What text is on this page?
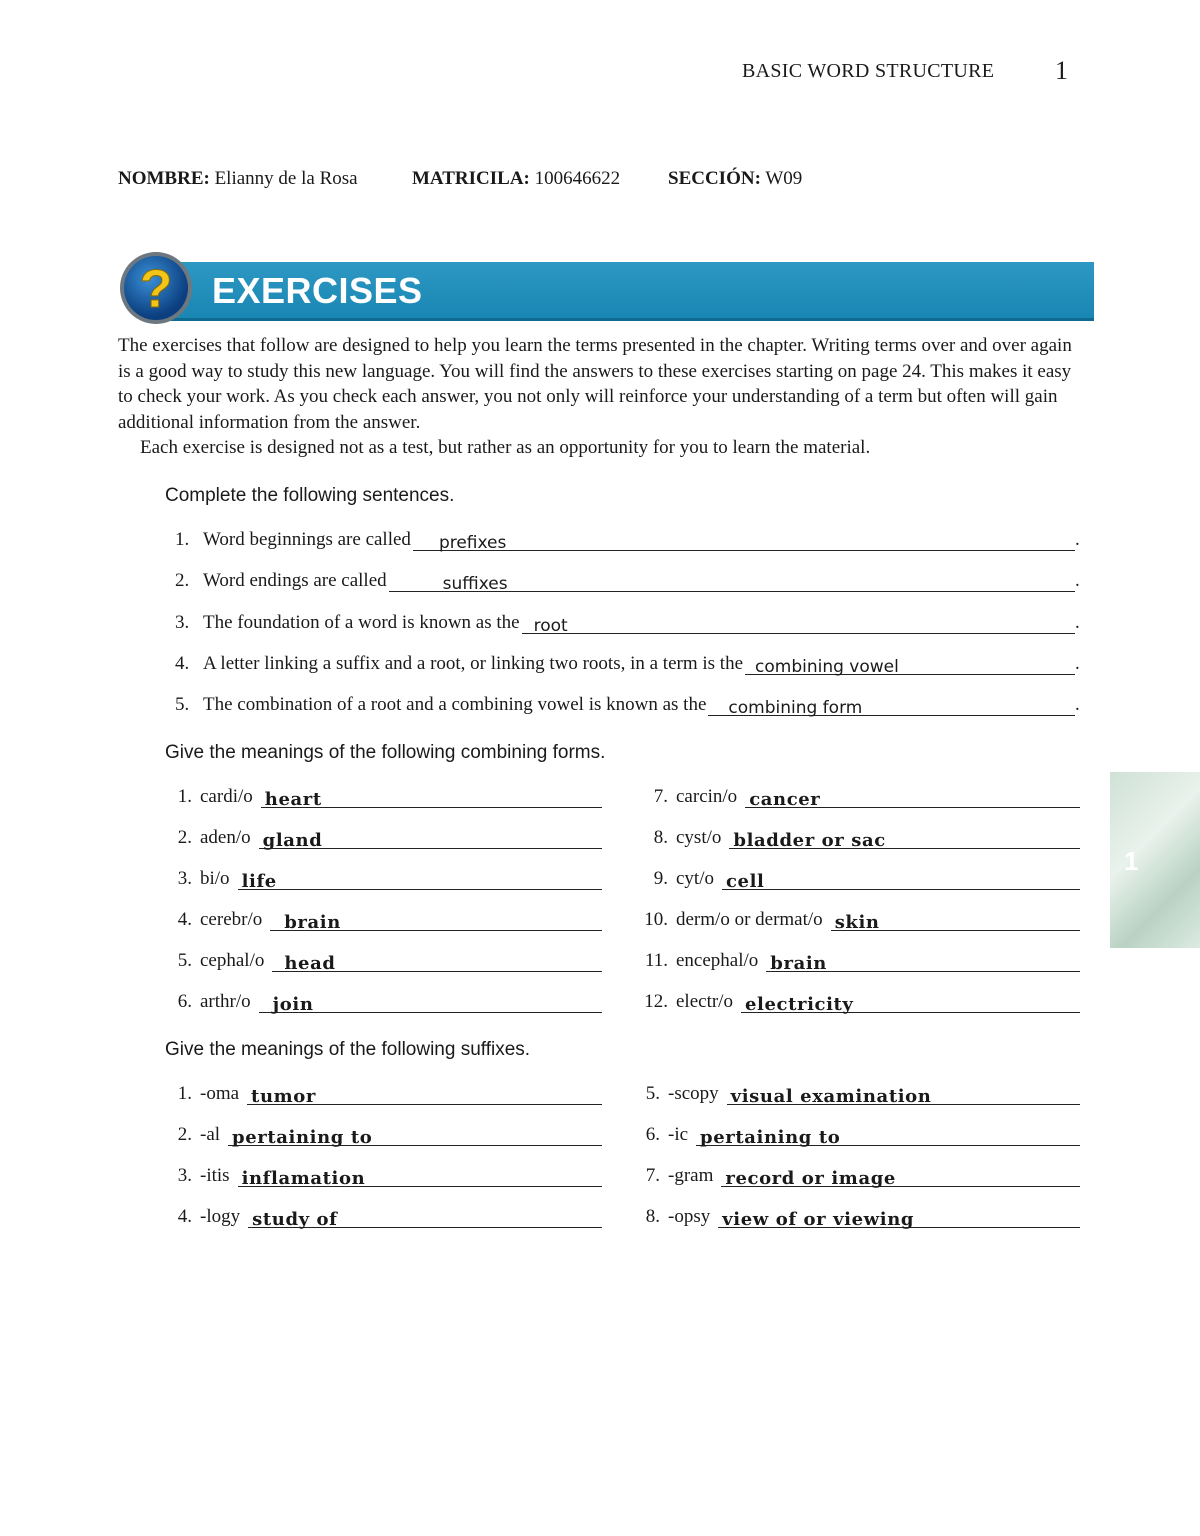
BASIC WORD STRUCTURE 1
NOMBRE: Elianny de la Rosa	MATRICILA: 100646622	SECCIÓN: W09
? EXERCISES

The exercises that follow are designed to help you learn the terms presented in the chapter. Writing terms over and over again is a good way to study this new language. You will find the answers to these exercises starting on page 24. This makes it easy to check your work. As you check each answer, you not only will reinforce your understanding of a term but often will gain additional information from the answer.

Each exercise is designed not as a test, but rather as an opportunity for you to learn the material.

Complete the following sentences.
1. Word beginnings are called prefixes	.
2. Word endings are called	suffixes	.
3. The foundation of a word is known as the root	.
4. A letter linking a suffix and a root, or linking two roots, in a term is the combining vowel	.
5. The combination of a root and a combining vowel is known as the combining form	.
Give the meanings of the following combining forms.
1. cardi/o heart
2. aden/o gland
3. bi/o life
4. cerebr/o brain
5. cephal/o head
6. arthr/o join
7. carcin/o cancer
8. cyst/o bladder or sac
9. cyt/o cell
10. derm/o or dermat/o skin
11. encephal/o brain
12. electr/o electricity
Give the meanings of the following suffixes.
1. -oma tumor
2. -al pertaining to
3. -itis inflamation
4. -logy study of
5. -scopy visual examination
6. -ic pertaining to
7. -gram record or image
8. -opsy view of or viewing
1
